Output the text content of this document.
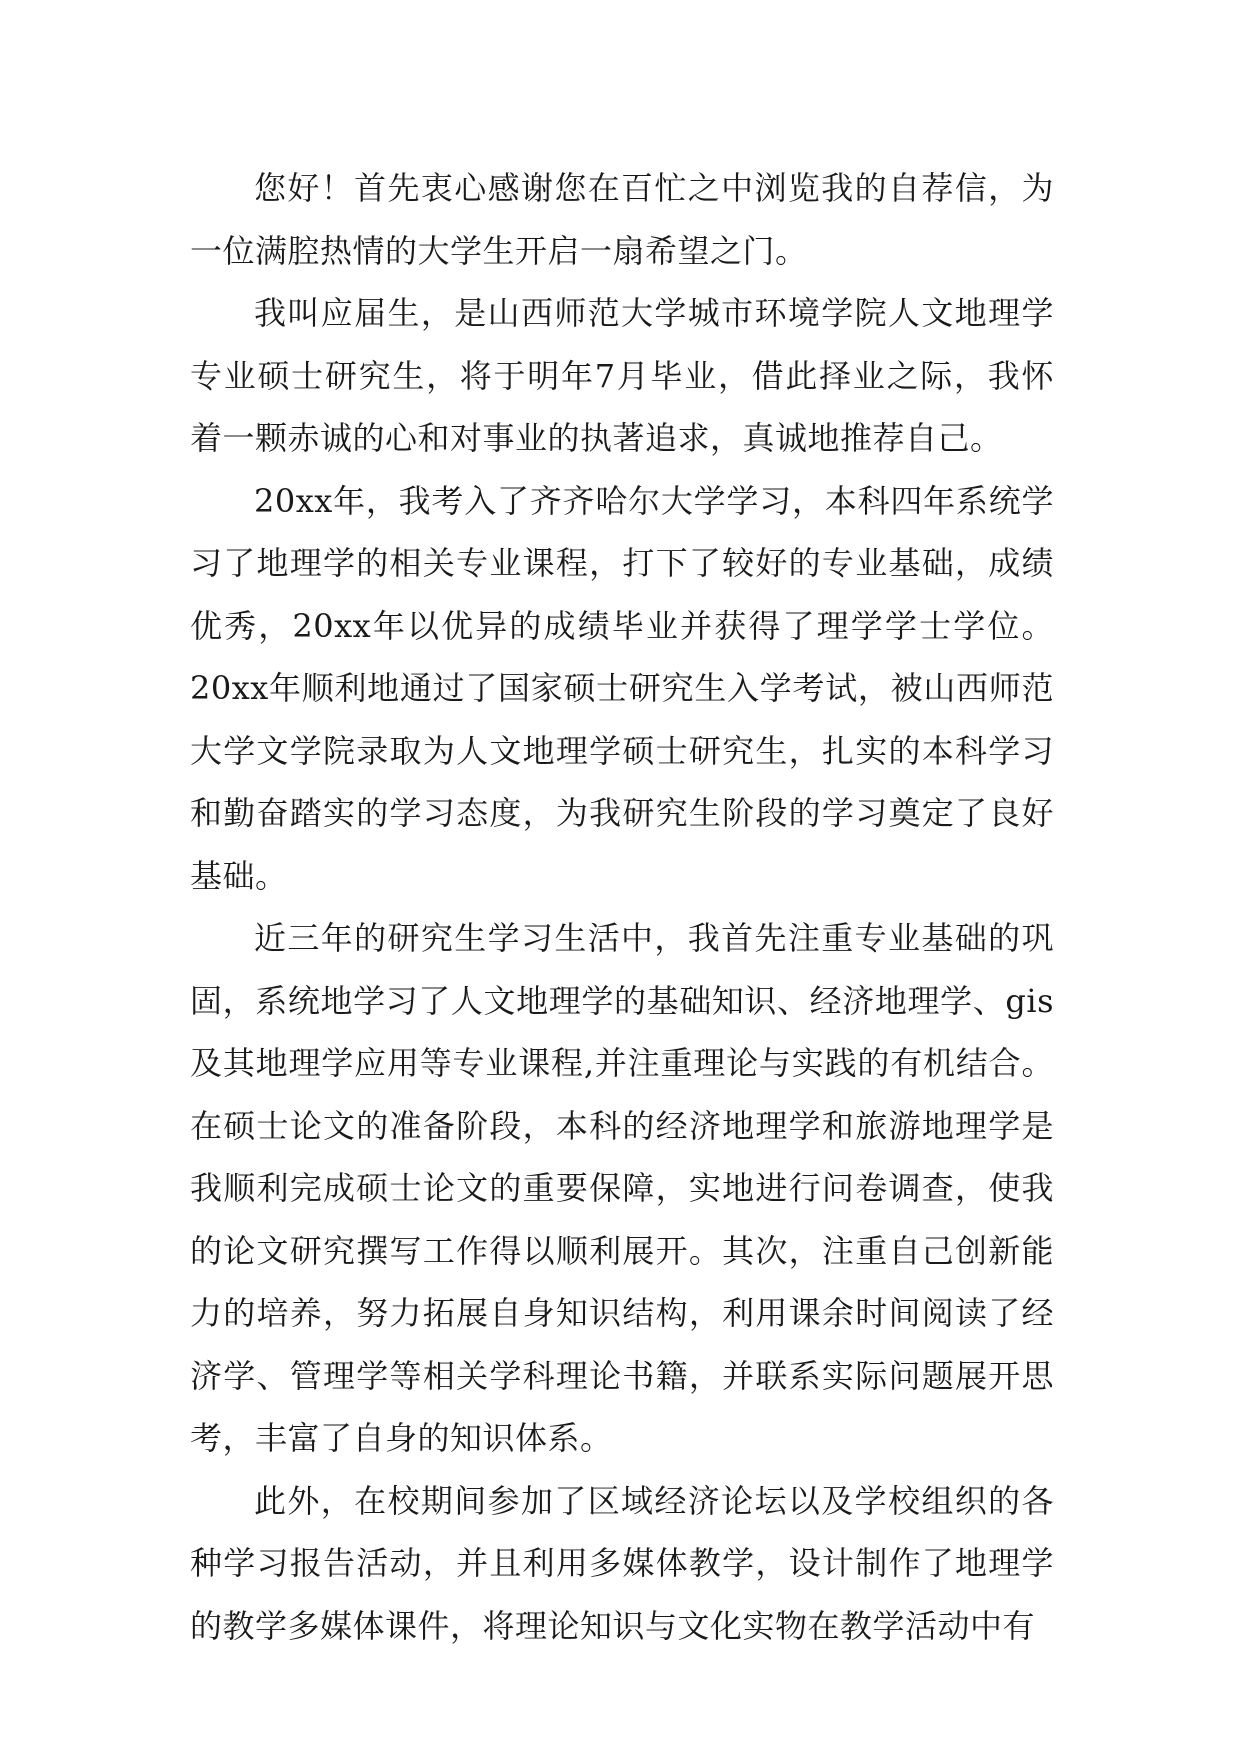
您好！首先衷心感谢您在百忙之中浏览我的自荐信，为一位满腔热情的大学生开启一扇希望之门。

我叫应届生，是山西师范大学城市环境学院人文地理学专业硕士研究生，将于明年7月毕业，借此择业之际，我怀着一颗赤诚的心和对事业的执著追求，真诚地推荐自己。

20xx年，我考入了齐齐哈尔大学学习，本科四年系统学习了地理学的相关专业课程，打下了较好的专业基础，成绩优秀，20xx年以优异的成绩毕业并获得了理学学士学位。20xx年顺利地通过了国家硕士研究生入学考试，被山西师范大学文学院录取为人文地理学硕士研究生，扎实的本科学习和勤奋踏实的学习态度，为我研究生阶段的学习奠定了良好基础。

近三年的研究生学习生活中，我首先注重专业基础的巩固，系统地学习了人文地理学的基础知识、经济地理学、gis及其地理学应用等专业课程,并注重理论与实践的有机结合。在硕士论文的准备阶段，本科的经济地理学和旅游地理学是我顺利完成硕士论文的重要保障，实地进行问卷调查，使我的论文研究撰写工作得以顺利展开。其次，注重自己创新能力的培养，努力拓展自身知识结构，利用课余时间阅读了经济学、管理学等相关学科理论书籍，并联系实际问题展开思考，丰富了自身的知识体系。

此外，在校期间参加了区域经济论坛以及学校组织的各种学习报告活动，并且利用多媒体教学，设计制作了地理学的教学多媒体课件，将理论知识与文化实物在教学活动中有
